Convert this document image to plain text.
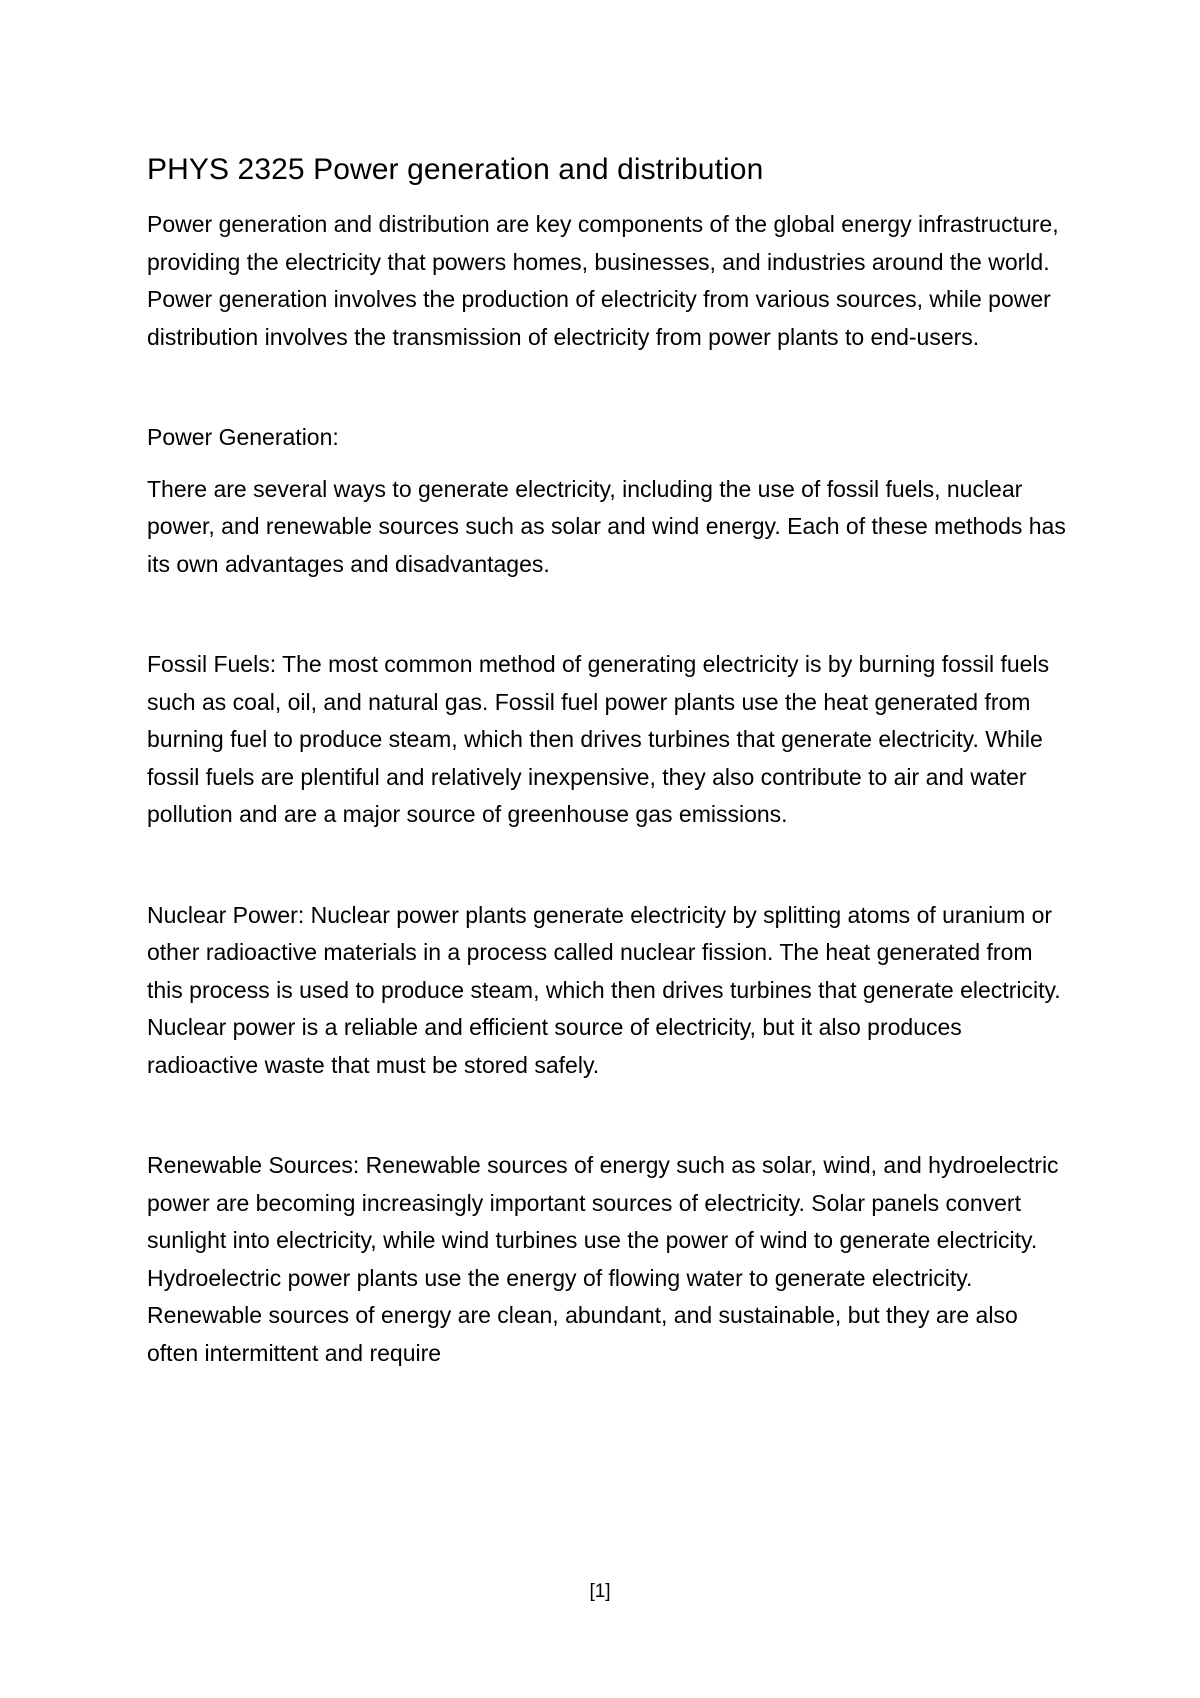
PHYS 2325 Power generation and distribution

Power generation and distribution are key components of the global energy infrastructure, providing the electricity that powers homes, businesses, and industries around the world. Power generation involves the production of electricity from various sources, while power distribution involves the transmission of electricity from power plants to end-users.

Power Generation:

There are several ways to generate electricity, including the use of fossil fuels, nuclear power, and renewable sources such as solar and wind energy. Each of these methods has its own advantages and disadvantages.

Fossil Fuels: The most common method of generating electricity is by burning fossil fuels such as coal, oil, and natural gas. Fossil fuel power plants use the heat generated from burning fuel to produce steam, which then drives turbines that generate electricity. While fossil fuels are plentiful and relatively inexpensive, they also contribute to air and water pollution and are a major source of greenhouse gas emissions.

Nuclear Power: Nuclear power plants generate electricity by splitting atoms of uranium or other radioactive materials in a process called nuclear fission. The heat generated from this process is used to produce steam, which then drives turbines that generate electricity. Nuclear power is a reliable and efficient source of electricity, but it also produces radioactive waste that must be stored safely.

Renewable Sources: Renewable sources of energy such as solar, wind, and hydroelectric power are becoming increasingly important sources of electricity. Solar panels convert sunlight into electricity, while wind turbines use the power of wind to generate electricity. Hydroelectric power plants use the energy of flowing water to generate electricity. Renewable sources of energy are clean, abundant, and sustainable, but they are also often intermittent and require

[1]
